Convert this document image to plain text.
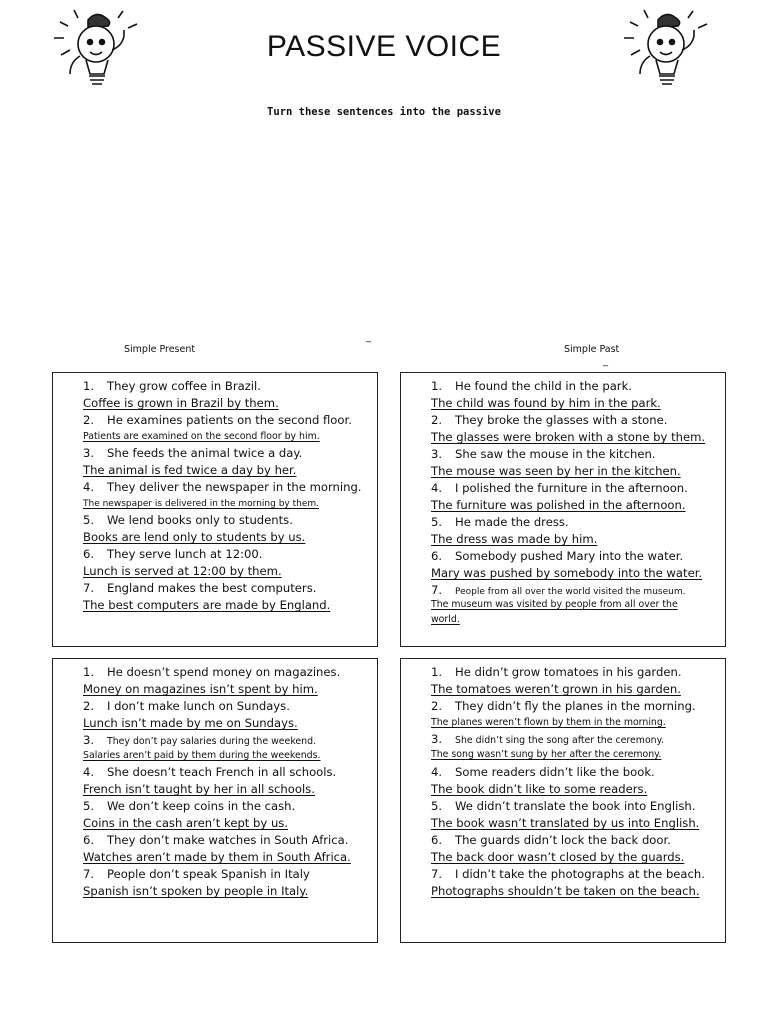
PASSIVE VOICE
Turn these sentences into the passive
_
Simple Present	Simple Past
_
1. They grow coffee in Brazil.
Coffee is grown in Brazil by them.
2. He examines patients on the second floor.
Patients are examined on the second floor by him.
3. She feeds the animal twice a day.
The animal is fed twice a day by her.
4. They deliver the newspaper in the morning.
The newspaper is delivered in the morning by them.
5. We lend books only to students.
Books are lend only to students by us.
6. They serve lunch at 12:00.
Lunch is served at 12:00 by them.
7. England makes the best computers.
The best computers are made by England.
1. He found the child in the park.
The child was found by him in the park.
2. They broke the glasses with a stone.
The glasses were broken with a stone by them.
3. She saw the mouse in the kitchen.
The mouse was seen by her in the kitchen.
4. I polished the furniture in the afternoon.
The furniture was polished in the afternoon.
5. He made the dress.
The dress was made by him.
6. Somebody pushed Mary into the water.
Mary was pushed by somebody into the water.
7. People from all over the world visited the museum.
The museum was visited by people from all over the
world.
1. He doesn’t spend money on magazines.
Money on magazines isn’t spent by him.
2. I don’t make lunch on Sundays.
Lunch isn’t made by me on Sundays.
3. They don’t pay salaries during the weekend.
Salaries aren’t paid by them during the weekends.
4. She doesn’t teach French in all schools.
French isn’t taught by her in all schools.
5. We don’t keep coins in the cash.
Coins in the cash aren’t kept by us.
6. They don’t make watches in South Africa.
Watches aren’t made by them in South Africa.
7. People don’t speak Spanish in Italy
Spanish isn’t spoken by people in Italy.
1. He didn’t grow tomatoes in his garden.
The tomatoes weren’t grown in his garden.
2. They didn’t fly the planes in the morning.
The planes weren’t flown by them in the morning.
3. She didn’t sing the song after the ceremony.
The song wasn’t sung by her after the ceremony.
4. Some readers didn’t like the book.
The book didn’t like to some readers.
5. We didn’t translate the book into English.
The book wasn’t translated by us into English.
6. The guards didn’t lock the back door.
The back door wasn’t closed by the guards.
7. I didn’t take the photographs at the beach.
Photographs shouldn’t be taken on the beach.
